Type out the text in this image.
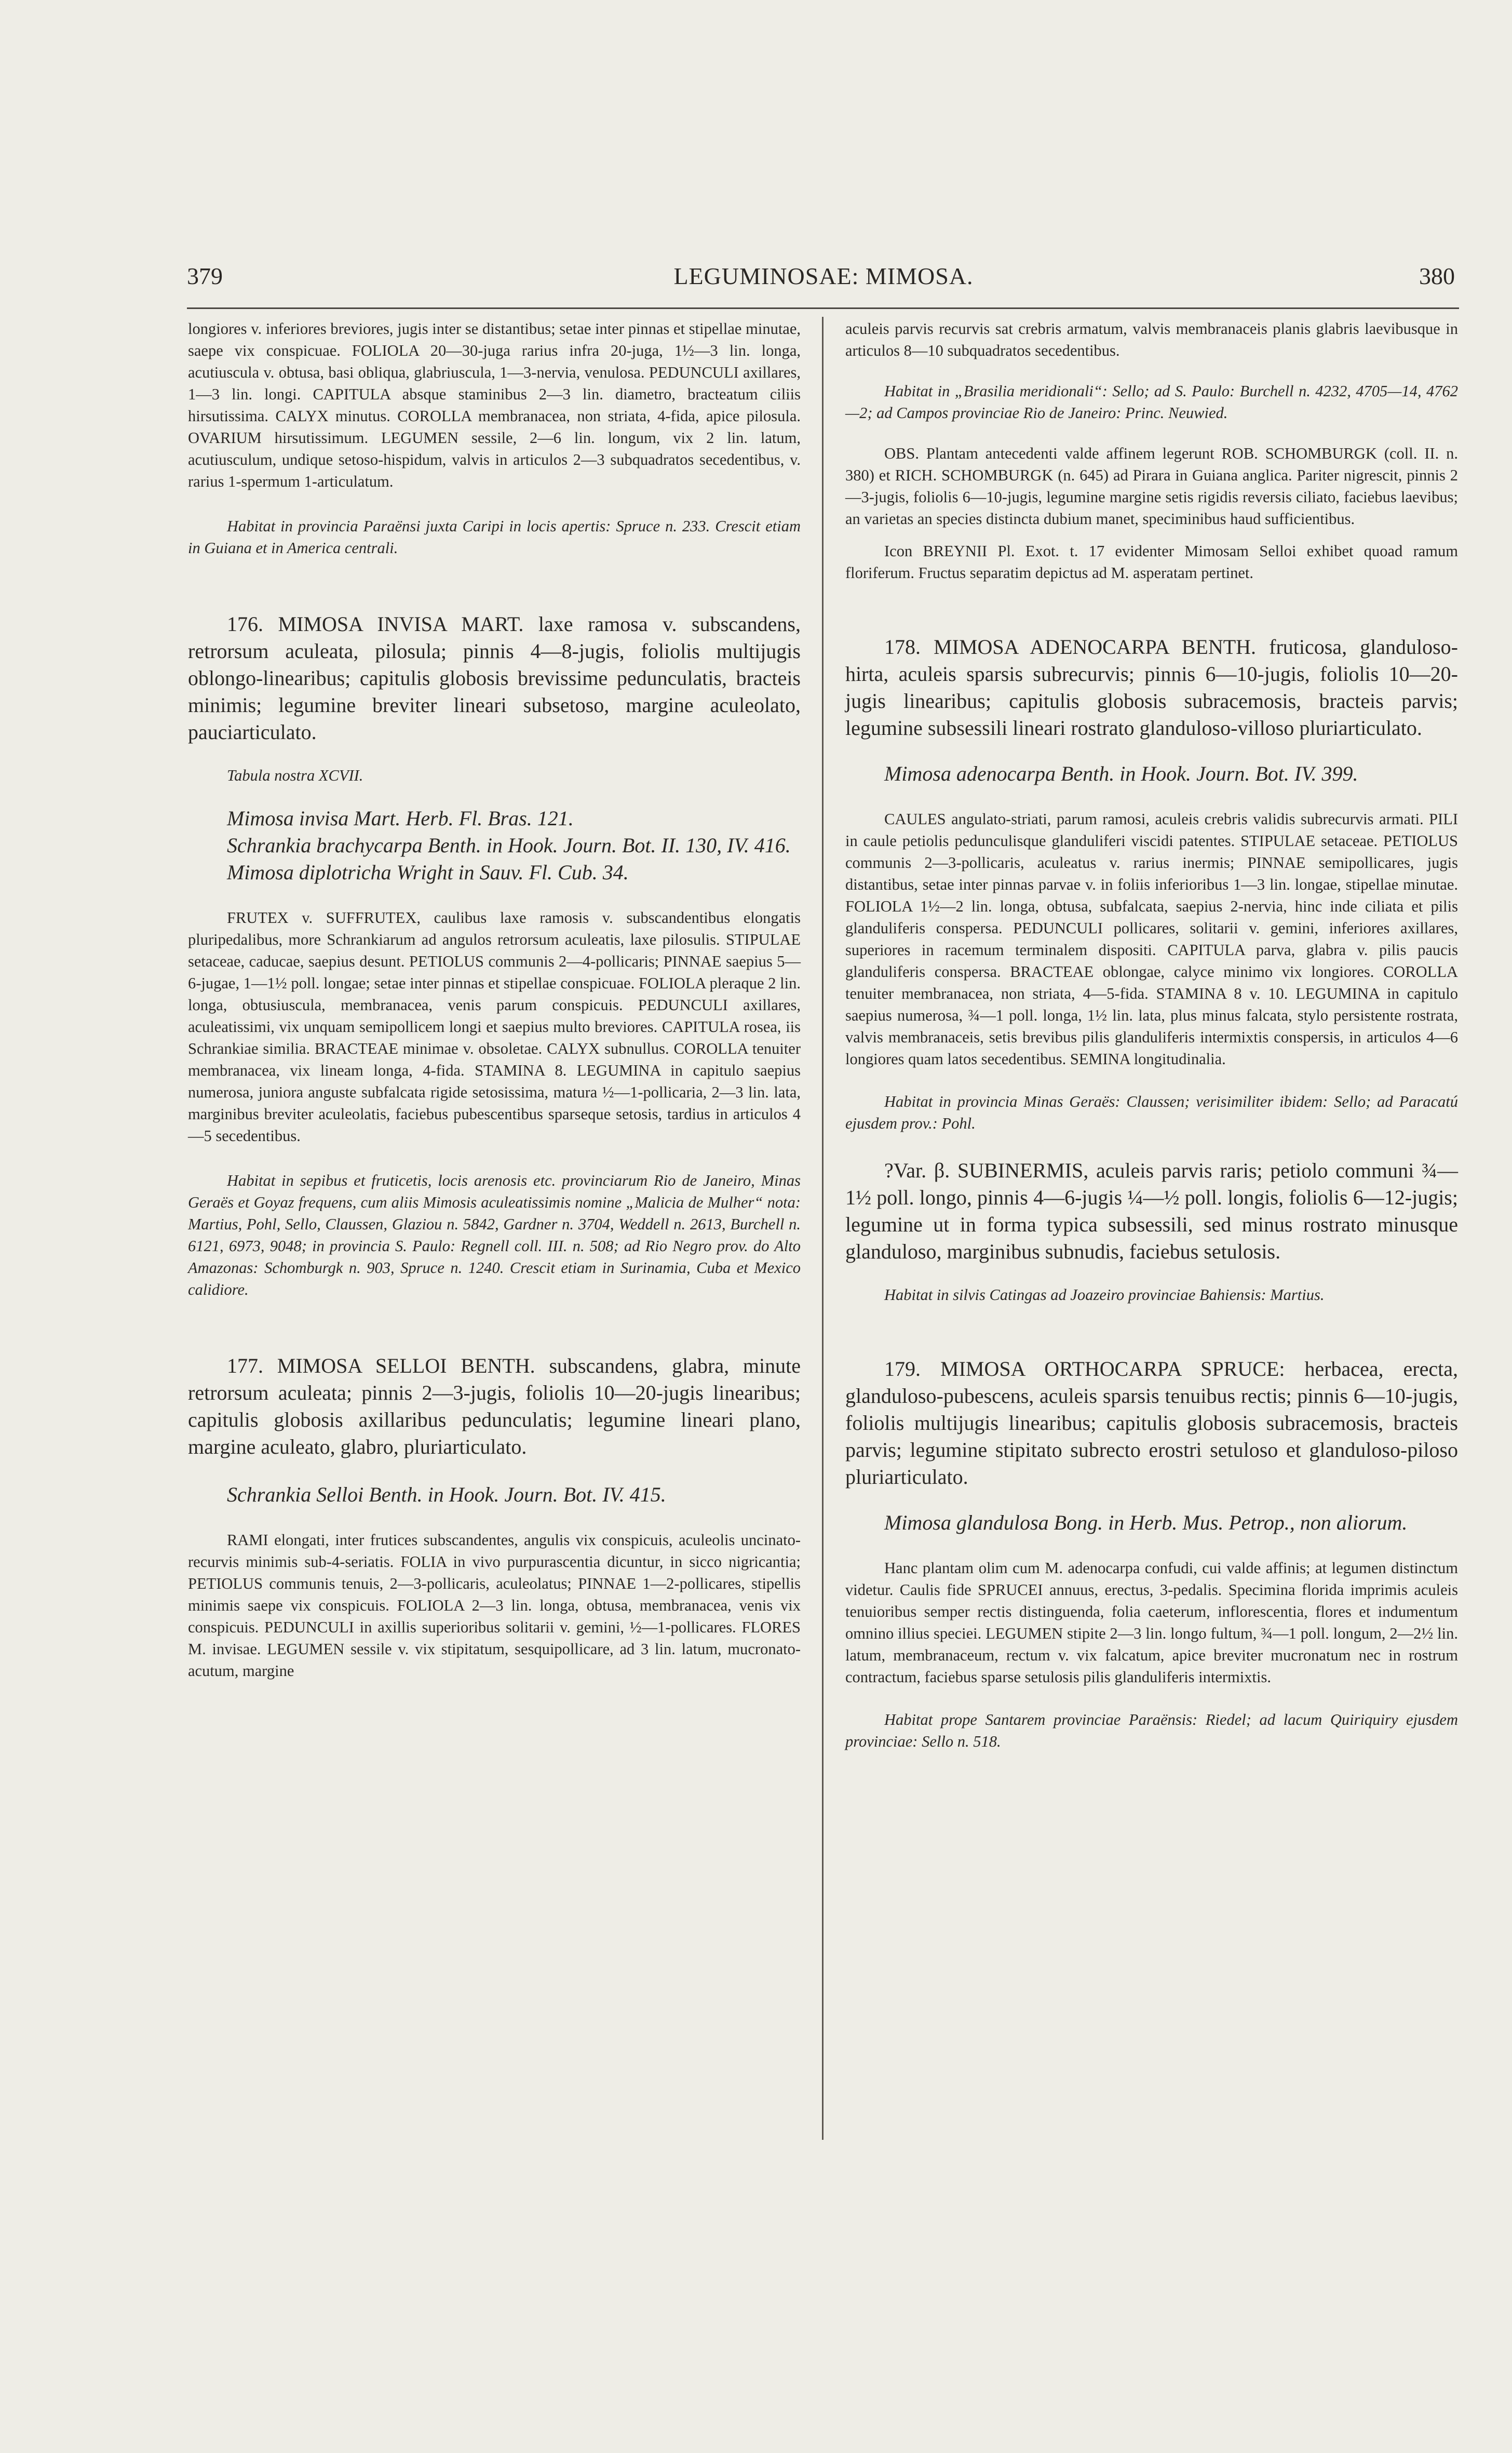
379	LEGUMINOSAE: MIMOSA.	380

longiores v. inferiores breviores, jugis inter se distantibus; setae inter pinnas et stipellae minutae, saepe vix conspicuae. FOLIOLA 20—30-juga rarius infra 20-juga, 1½—3 lin. longa, acutiuscula v. obtusa, basi obliqua, glabriuscula, 1—3-nervia, venulosa. PEDUNCULI axillares, 1—3 lin. longi. CAPITULA absque staminibus 2—3 lin. diametro, bracteatum ciliis hirsutissima. CALYX minutus. COROLLA membranacea, non striata, 4-fida, apice pilosula. OVARIUM hirsutissimum. LEGUMEN sessile, 2—6 lin. longum, vix 2 lin. latum, acutiusculum, undique setoso-hispidum, valvis in articulos 2—3 subquadratos secedentibus, v. rarius 1-spermum 1-articulatum.

Habitat in provincia Paraënsi juxta Caripi in locis apertis: Spruce n. 233. Crescit etiam in Guiana et in America centrali.

176. MIMOSA INVISA MART. laxe ramosa v. subscandens, retrorsum aculeata, pilosula; pinnis 4—8-jugis, foliolis multijugis oblongo-linearibus; capitulis globosis brevissime pedunculatis, bracteis minimis; legumine breviter lineari subsetoso, margine aculeolato, pauciarticulato.

Tabula nostra XCVII.

Mimosa invisa Mart. Herb. Fl. Bras. 121.

Schrankia brachycarpa Benth. in Hook. Journ. Bot. II. 130, IV. 416.

Mimosa diplotricha Wright in Sauv. Fl. Cub. 34.

FRUTEX v. SUFFRUTEX, caulibus laxe ramosis v. subscandentibus elongatis pluripedalibus, more Schrankiarum ad angulos retrorsum aculeatis, laxe pilosulis. STIPULAE setaceae, caducae, saepius desunt. PETIOLUS communis 2—4-pollicaris; PINNAE saepius 5—6-jugae, 1—1½ poll. longae; setae inter pinnas et stipellae conspicuae. FOLIOLA pleraque 2 lin. longa, obtusiuscula, membranacea, venis parum conspicuis. PEDUNCULI axillares, aculeatissimi, vix unquam semipollicem longi et saepius multo breviores. CAPITULA rosea, iis Schrankiae similia. BRACTEAE minimae v. obsoletae. CALYX subnullus. COROLLA tenuiter membranacea, vix lineam longa, 4-fida. STAMINA 8. LEGUMINA in capitulo saepius numerosa, juniora anguste subfalcata rigide setosissima, matura ½—1-pollicaria, 2—3 lin. lata, marginibus breviter aculeolatis, faciebus pubescentibus sparseque setosis, tardius in articulos 4—5 secedentibus.

Habitat in sepibus et fruticetis, locis arenosis etc. provinciarum Rio de Janeiro, Minas Geraës et Goyaz frequens, cum aliis Mimosis aculeatissimis nomine „Malicia de Mulher“ nota: Martius, Pohl, Sello, Claussen, Glaziou n. 5842, Gardner n. 3704, Weddell n. 2613, Burchell n. 6121, 6973, 9048; in provincia S. Paulo: Regnell coll. III. n. 508; ad Rio Negro prov. do Alto Amazonas: Schomburgk n. 903, Spruce n. 1240. Crescit etiam in Surinamia, Cuba et Mexico calidiore.

177. MIMOSA SELLOI BENTH. subscandens, glabra, minute retrorsum aculeata; pinnis 2—3-jugis, foliolis 10—20-jugis linearibus; capitulis globosis axillaribus pedunculatis; legumine lineari plano, margine aculeato, glabro, pluriarticulato.

Schrankia Selloi Benth. in Hook. Journ. Bot. IV. 415.

RAMI elongati, inter frutices subscandentes, angulis vix conspicuis, aculeolis uncinato-recurvis minimis sub-4-seriatis. FOLIA in vivo purpurascentia dicuntur, in sicco nigricantia; PETIOLUS communis tenuis, 2—3-pollicaris, aculeolatus; PINNAE 1—2-pollicares, stipellis minimis saepe vix conspicuis. FOLIOLA 2—3 lin. longa, obtusa, membranacea, venis vix conspicuis. PEDUNCULI in axillis superioribus solitarii v. gemini, ½—1-pollicares. FLORES M. invisae. LEGUMEN sessile v. vix stipitatum, sesquipollicare, ad 3 lin. latum, mucronato-acutum, margine

aculeis parvis recurvis sat crebris armatum, valvis membranaceis planis glabris laevibusque in articulos 8—10 subquadratos secedentibus.

Habitat in „Brasilia meridionali“: Sello; ad S. Paulo: Burchell n. 4232, 4705—14, 4762—2; ad Campos provinciae Rio de Janeiro: Princ. Neuwied.

OBS. Plantam antecedenti valde affinem legerunt ROB. SCHOMBURGK (coll. II. n. 380) et RICH. SCHOMBURGK (n. 645) ad Pirara in Guiana anglica. Pariter nigrescit, pinnis 2—3-jugis, foliolis 6—10-jugis, legumine margine setis rigidis reversis ciliato, faciebus laevibus; an varietas an species distincta dubium manet, speciminibus haud sufficientibus.

Icon BREYNII Pl. Exot. t. 17 evidenter Mimosam Selloi exhibet quoad ramum floriferum. Fructus separatim depictus ad M. asperatam pertinet.

178. MIMOSA ADENOCARPA BENTH. fruticosa, glanduloso-hirta, aculeis sparsis subrecurvis; pinnis 6—10-jugis, foliolis 10—20-jugis linearibus; capitulis globosis subracemosis, bracteis parvis; legumine subsessili lineari rostrato glanduloso-villoso pluriarticulato.

Mimosa adenocarpa Benth. in Hook. Journ. Bot. IV. 399.

CAULES angulato-striati, parum ramosi, aculeis crebris validis subrecurvis armati. PILI in caule petiolis pedunculisque glanduliferi viscidi patentes. STIPULAE setaceae. PETIOLUS communis 2—3-pollicaris, aculeatus v. rarius inermis; PINNAE semipollicares, jugis distantibus, setae inter pinnas parvae v. in foliis inferioribus 1—3 lin. longae, stipellae minutae. FOLIOLA 1½—2 lin. longa, obtusa, subfalcata, saepius 2-nervia, hinc inde ciliata et pilis glanduliferis conspersa. PEDUNCULI pollicares, solitarii v. gemini, inferiores axillares, superiores in racemum terminalem dispositi. CAPITULA parva, glabra v. pilis paucis glanduliferis conspersa. BRACTEAE oblongae, calyce minimo vix longiores. COROLLA tenuiter membranacea, non striata, 4—5-fida. STAMINA 8 v. 10. LEGUMINA in capitulo saepius numerosa, ¾—1 poll. longa, 1½ lin. lata, plus minus falcata, stylo persistente rostrata, valvis membranaceis, setis brevibus pilis glanduliferis intermixtis conspersis, in articulos 4—6 longiores quam latos secedentibus. SEMINA longitudinalia.

Habitat in provincia Minas Geraës: Claussen; verisimiliter ibidem: Sello; ad Paracatú ejusdem prov.: Pohl.

?Var. β. SUBINERMIS, aculeis parvis raris; petiolo communi ¾—1½ poll. longo, pinnis 4—6-jugis ¼—½ poll. longis, foliolis 6—12-jugis; legumine ut in forma typica subsessili, sed minus rostrato minusque glanduloso, marginibus subnudis, faciebus setulosis.

Habitat in silvis Catingas ad Joazeiro provinciae Bahiensis: Martius.

179. MIMOSA ORTHOCARPA SPRUCE: herbacea, erecta, glanduloso-pubescens, aculeis sparsis tenuibus rectis; pinnis 6—10-jugis, foliolis multijugis linearibus; capitulis globosis subracemosis, bracteis parvis; legumine stipitato subrecto erostri setuloso et glanduloso-piloso pluriarticulato.

Mimosa glandulosa Bong. in Herb. Mus. Petrop., non aliorum.

Hanc plantam olim cum M. adenocarpa confudi, cui valde affinis; at legumen distinctum videtur. Caulis fide SPRUCEI annuus, erectus, 3-pedalis. Specimina florida imprimis aculeis tenuioribus semper rectis distinguenda, folia caeterum, inflorescentia, flores et indumentum omnino illius speciei. LEGUMEN stipite 2—3 lin. longo fultum, ¾—1 poll. longum, 2—2½ lin. latum, membranaceum, rectum v. vix falcatum, apice breviter mucronatum nec in rostrum contractum, faciebus sparse setulosis pilis glanduliferis intermixtis.

Habitat prope Santarem provinciae Paraënsis: Riedel; ad lacum Quiriquiry ejusdem provinciae: Sello n. 518.
